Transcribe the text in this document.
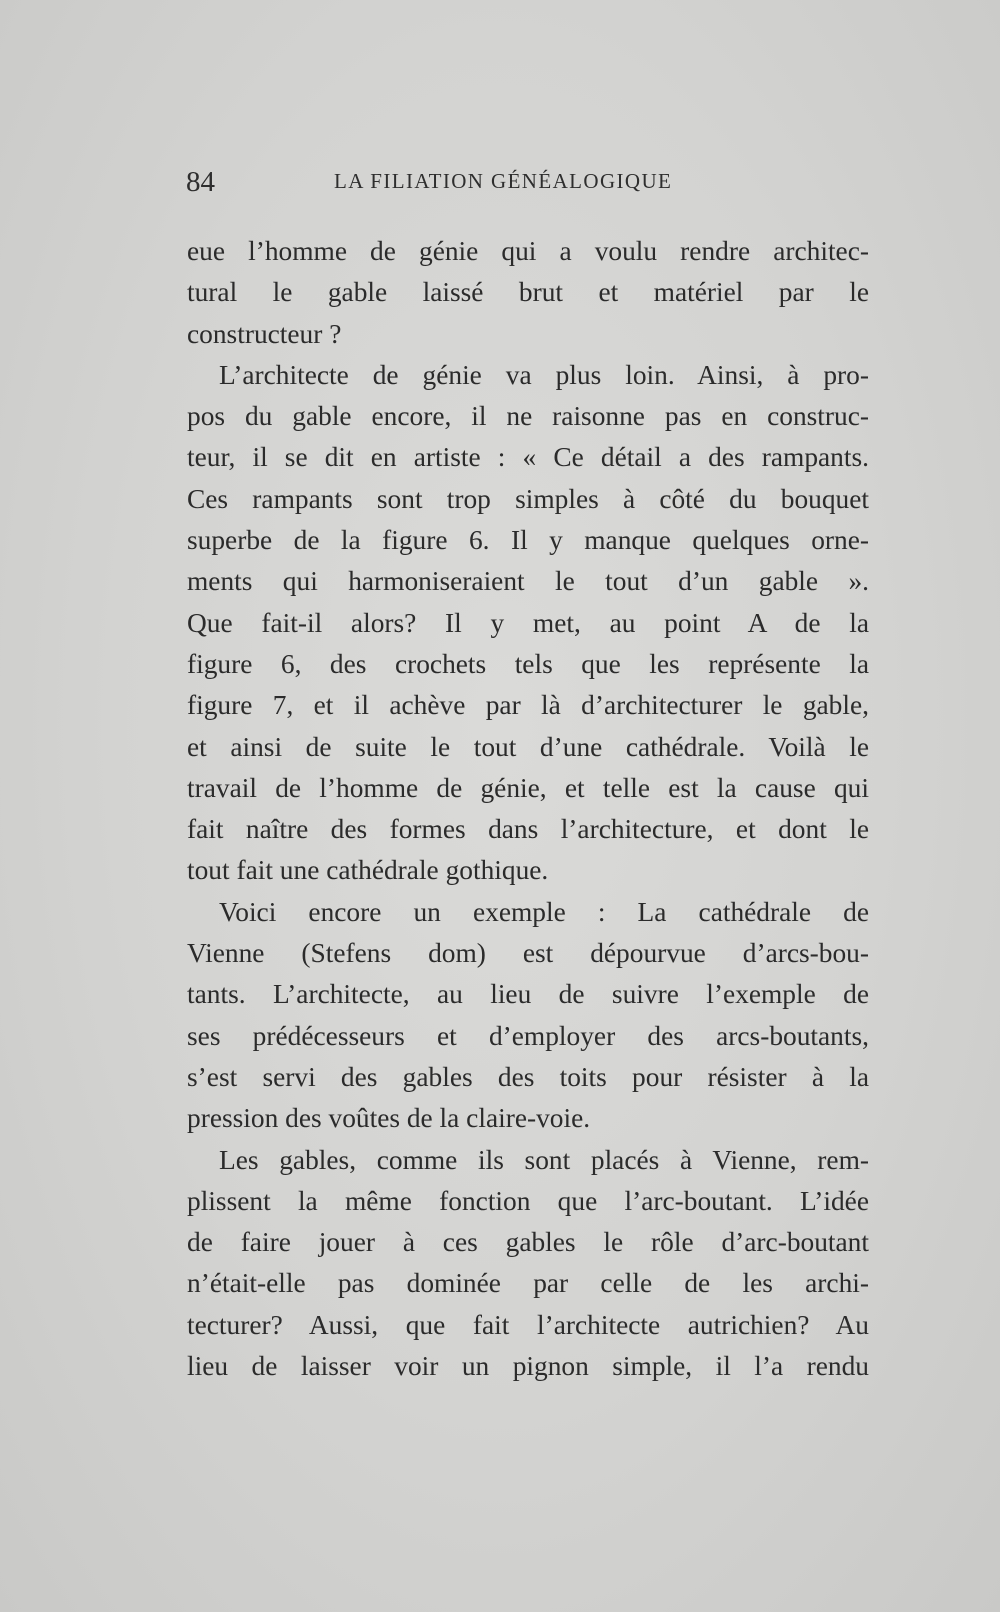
84	LA FILIATION GÉNÉALOGIQUE

eue l’homme de génie qui a voulu rendre architec-
tural le gable laissé brut et matériel par le
constructeur ?

L’architecte de génie va plus loin. Ainsi, à pro-
pos du gable encore, il ne raisonne pas en construc-
teur, il se dit en artiste : « Ce détail a des rampants.
Ces rampants sont trop simples à côté du bouquet
superbe de la figure 6. Il y manque quelques orne-
ments qui harmoniseraient le tout d’un gable ».
Que fait-il alors? Il y met, au point A de la
figure 6, des crochets tels que les représente la
figure 7, et il achève par là d’architecturer le gable,
et ainsi de suite le tout d’une cathédrale. Voilà le
travail de l’homme de génie, et telle est la cause qui
fait naître des formes dans l’architecture, et dont le
tout fait une cathédrale gothique.

Voici encore un exemple : La cathédrale de
Vienne (Stefens dom) est dépourvue d’arcs-bou-
tants. L’architecte, au lieu de suivre l’exemple de
ses prédécesseurs et d’employer des arcs-boutants,
s’est servi des gables des toits pour résister à la
pression des voûtes de la claire-voie.

Les gables, comme ils sont placés à Vienne, rem-
plissent la même fonction que l’arc-boutant. L’idée
de faire jouer à ces gables le rôle d’arc-boutant
n’était-elle pas dominée par celle de les archi-
tecturer? Aussi, que fait l’architecte autrichien? Au
lieu de laisser voir un pignon simple, il l’a rendu
